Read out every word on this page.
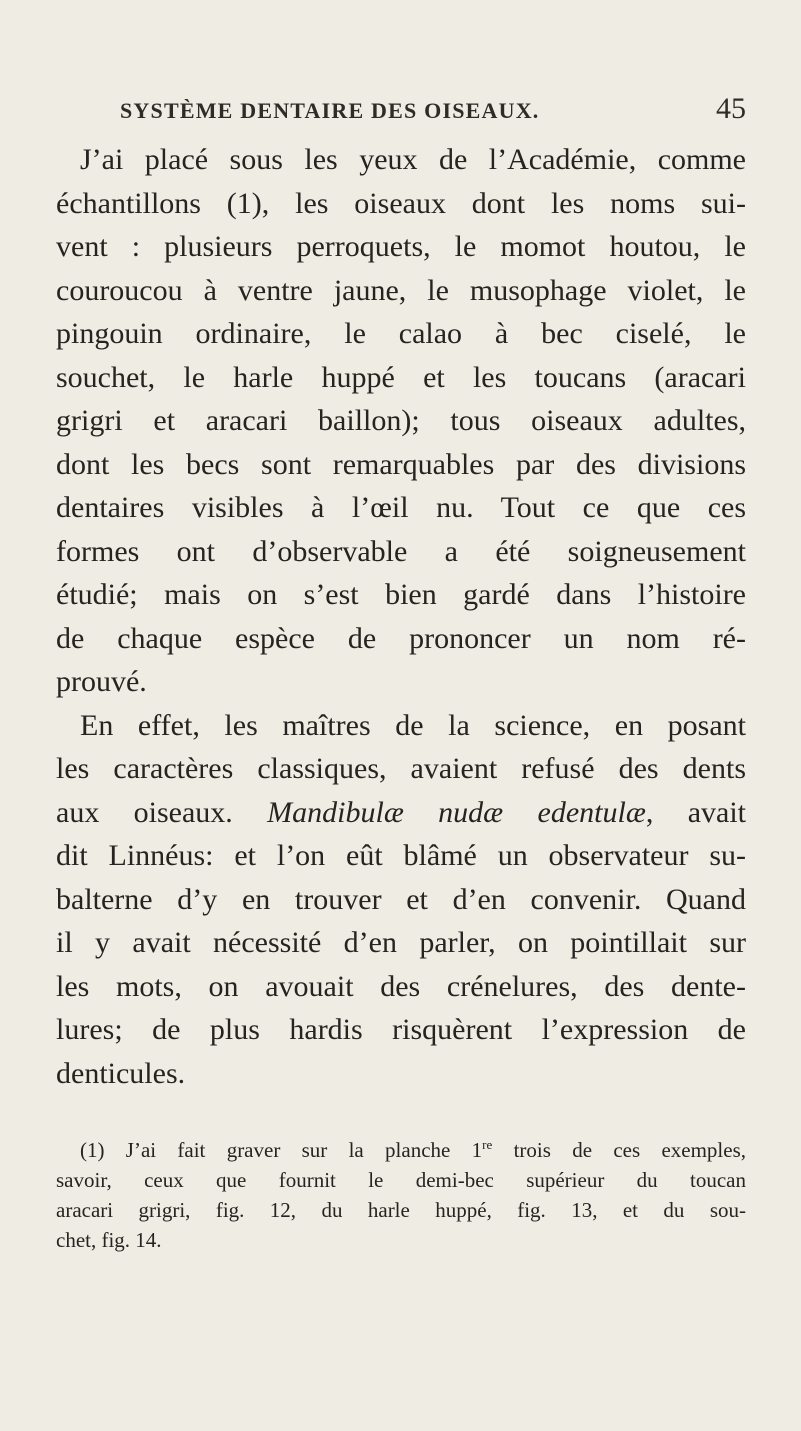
SYSTÈME DENTAIRE DES OISEAUX.	45
J’ai placé sous les yeux de l’Académie, comme
échantillons (1), les oiseaux dont les noms sui-
vent : plusieurs perroquets, le momot houtou, le
couroucou à ventre jaune, le musophage violet, le
pingouin ordinaire, le calao à bec ciselé, le
souchet, le harle huppé et les toucans (aracari
grigri et aracari baillon); tous oiseaux adultes,
dont les becs sont remarquables par des divisions
dentaires visibles à l’œil nu. Tout ce que ces
formes ont d’observable a été soigneusement
étudié; mais on s’est bien gardé dans l’histoire
de chaque espèce de prononcer un nom ré-
prouvé.
En effet, les maîtres de la science, en posant
les caractères classiques, avaient refusé des dents
aux oiseaux. Mandibulæ nudæ edentulæ, avait
dit Linnéus: et l’on eût blâmé un observateur su-
balterne d’y en trouver et d’en convenir. Quand
il y avait nécessité d’en parler, on pointillait sur
les mots, on avouait des crénelures, des dente-
lures; de plus hardis risquèrent l’expression de
denticules.
(1) J’ai fait graver sur la planche 1re trois de ces exemples,
savoir, ceux que fournit le demi-bec supérieur du toucan
aracari grigri, fig. 12, du harle huppé, fig. 13, et du sou-
chet, fig. 14.
